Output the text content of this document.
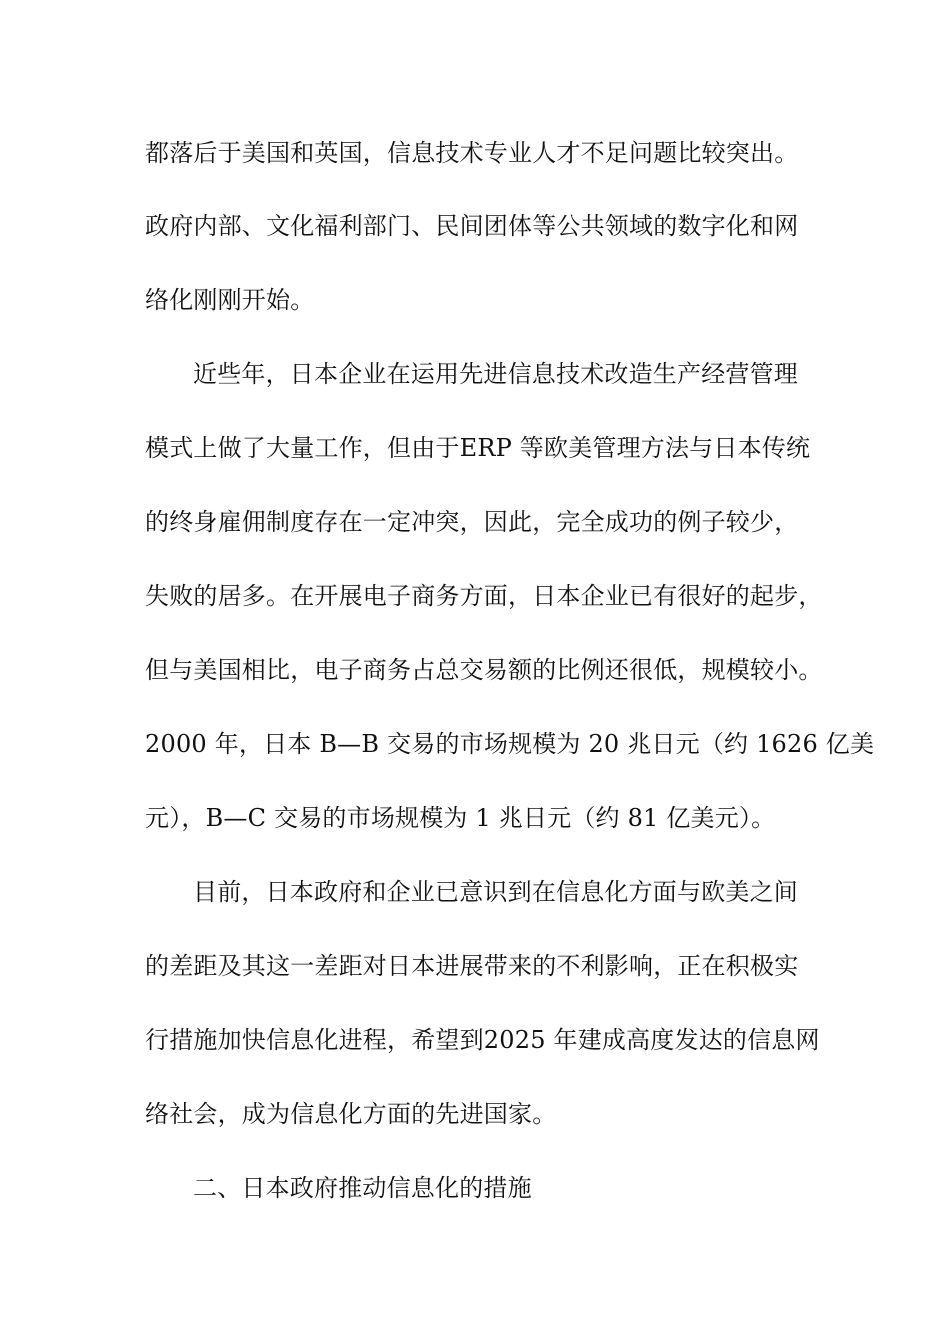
都落后于美国和英国，信息技术专业人才不足问题比较突出。
政府内部、文化福利部门、民间团体等公共领域的数字化和网
络化刚刚开始。
近些年，日本企业在运用先进信息技术改造生产经营管理
模式上做了大量工作，但由于ERP 等欧美管理方法与日本传统
的终身雇佣制度存在一定冲突，因此，完全成功的例子较少，
失败的居多。在开展电子商务方面，日本企业已有很好的起步，
但与美国相比，电子商务占总交易额的比例还很低，规模较小。
2000 年，日本 B—B 交易的市场规模为 20 兆日元（约 1626 亿美
元），B—C 交易的市场规模为 1 兆日元（约 81 亿美元）。
目前，日本政府和企业已意识到在信息化方面与欧美之间
的差距及其这一差距对日本进展带来的不利影响，正在积极实
行措施加快信息化进程，希望到2025 年建成高度发达的信息网
络社会，成为信息化方面的先进国家。
二、日本政府推动信息化的措施
